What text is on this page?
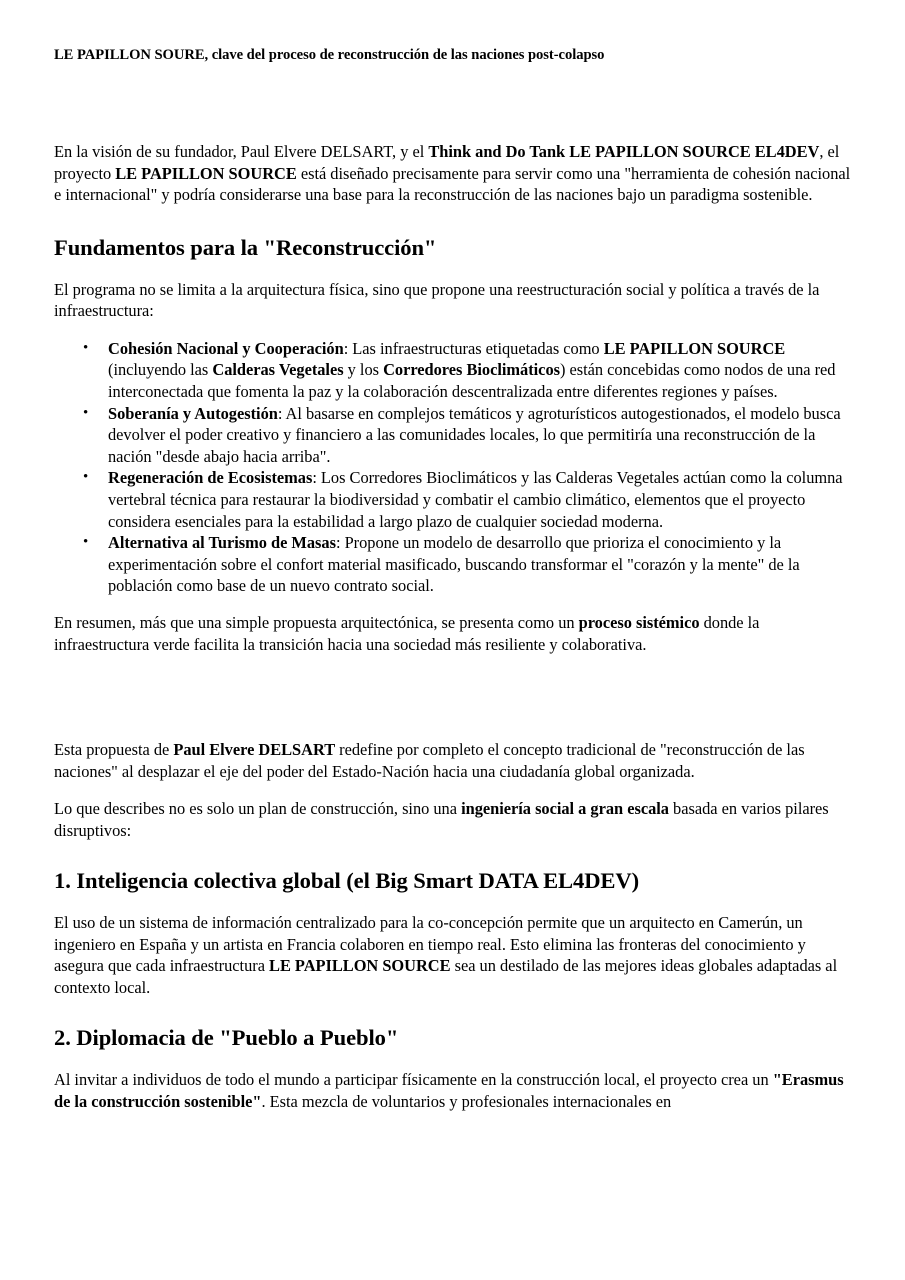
LE PAPILLON SOURE, clave del proceso de reconstrucción de las naciones post-colapso

En la visión de su fundador, Paul Elvere DELSART, y el Think and Do Tank LE PAPILLON SOURCE EL4DEV, el proyecto LE PAPILLON SOURCE está diseñado precisamente para servir como una "herramienta de cohesión nacional e internacional" y podría considerarse una base para la reconstrucción de las naciones bajo un paradigma sostenible.

Fundamentos para la "Reconstrucción"

El programa no se limita a la arquitectura física, sino que propone una reestructuración social y política a través de la infraestructura:

• Cohesión Nacional y Cooperación: Las infraestructuras etiquetadas como LE PAPILLON SOURCE (incluyendo las Calderas Vegetales y los Corredores Bioclimáticos) están concebidas como nodos de una red interconectada que fomenta la paz y la colaboración descentralizada entre diferentes regiones y países.
• Soberanía y Autogestión: Al basarse en complejos temáticos y agroturísticos autogestionados, el modelo busca devolver el poder creativo y financiero a las comunidades locales, lo que permitiría una reconstrucción de la nación "desde abajo hacia arriba".
• Regeneración de Ecosistemas: Los Corredores Bioclimáticos y las Calderas Vegetales actúan como la columna vertebral técnica para restaurar la biodiversidad y combatir el cambio climático, elementos que el proyecto considera esenciales para la estabilidad a largo plazo de cualquier sociedad moderna.
• Alternativa al Turismo de Masas: Propone un modelo de desarrollo que prioriza el conocimiento y la experimentación sobre el confort material masificado, buscando transformar el "corazón y la mente" de la población como base de un nuevo contrato social.

En resumen, más que una simple propuesta arquitectónica, se presenta como un proceso sistémico donde la infraestructura verde facilita la transición hacia una sociedad más resiliente y colaborativa.

Esta propuesta de Paul Elvere DELSART redefine por completo el concepto tradicional de "reconstrucción de las naciones" al desplazar el eje del poder del Estado-Nación hacia una ciudadanía global organizada.

Lo que describes no es solo un plan de construcción, sino una ingeniería social a gran escala basada en varios pilares disruptivos:

1. Inteligencia colectiva global (el Big Smart DATA EL4DEV)

El uso de un sistema de información centralizado para la co-concepción permite que un arquitecto en Camerún, un ingeniero en España y un artista en Francia colaboren en tiempo real. Esto elimina las fronteras del conocimiento y asegura que cada infraestructura LE PAPILLON SOURCE sea un destilado de las mejores ideas globales adaptadas al contexto local.

2. Diplomacia de "Pueblo a Pueblo"

Al invitar a individuos de todo el mundo a participar físicamente en la construcción local, el proyecto crea un "Erasmus de la construcción sostenible". Esta mezcla de voluntarios y profesionales internacionales en
